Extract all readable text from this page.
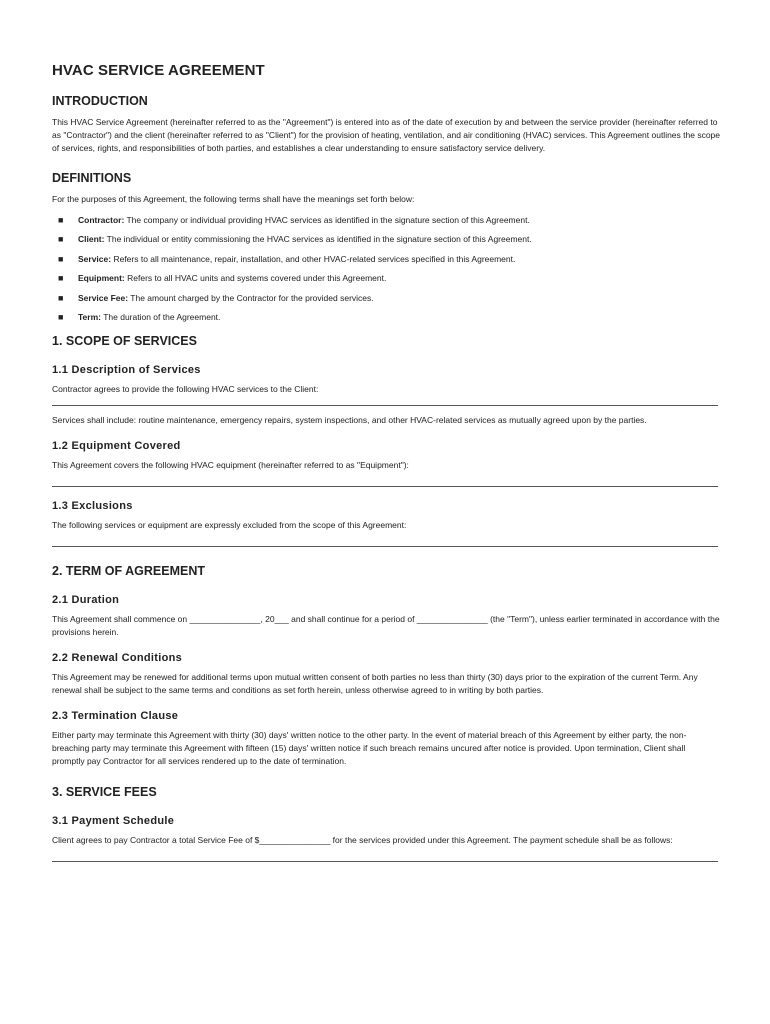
HVAC SERVICE AGREEMENT
INTRODUCTION

This HVAC Service Agreement (hereinafter referred to as the "Agreement") is entered into as of the date of execution by and between the service provider (hereinafter referred to as "Contractor") and the client (hereinafter referred to as "Client") for the provision of heating, ventilation, and air conditioning (HVAC) services. This Agreement outlines the scope of services, rights, and responsibilities of both parties, and establishes a clear understanding to ensure satisfactory service delivery.

DEFINITIONS

For the purposes of this Agreement, the following terms shall have the meanings set forth below:

■ Contractor: The company or individual providing HVAC services as identified in the signature section of this Agreement.
■ Client: The individual or entity commissioning the HVAC services as identified in the signature section of this Agreement.
■ Service: Refers to all maintenance, repair, installation, and other HVAC-related services specified in this Agreement.
■ Equipment: Refers to all HVAC units and systems covered under this Agreement.
■ Service Fee: The amount charged by the Contractor for the provided services.
■ Term: The duration of the Agreement.
1. SCOPE OF SERVICES
1.1 Description of Services

Contractor agrees to provide the following HVAC services to the Client:

Services shall include: routine maintenance, emergency repairs, system inspections, and other HVAC-related services as mutually agreed upon by the parties.

1.2 Equipment Covered

This Agreement covers the following HVAC equipment (hereinafter referred to as "Equipment"):

1.3 Exclusions

The following services or equipment are expressly excluded from the scope of this Agreement:

2. TERM OF AGREEMENT
2.1 Duration

This Agreement shall commence on _______________, 20___ and shall continue for a period of _______________ (the "Term"), unless earlier terminated in accordance with the provisions herein.

2.2 Renewal Conditions

This Agreement may be renewed for additional terms upon mutual written consent of both parties no less than thirty (30) days prior to the expiration of the current Term. Any renewal shall be subject to the same terms and conditions as set forth herein, unless otherwise agreed to in writing by both parties.

2.3 Termination Clause

Either party may terminate this Agreement with thirty (30) days' written notice to the other party. In the event of material breach of this Agreement by either party, the non-breaching party may terminate this Agreement with fifteen (15) days' written notice if such breach remains uncured after notice is provided. Upon termination, Client shall promptly pay Contractor for all services rendered up to the date of termination.

3. SERVICE FEES
3.1 Payment Schedule

Client agrees to pay Contractor a total Service Fee of $_______________ for the services provided under this Agreement. The payment schedule shall be as follows:
